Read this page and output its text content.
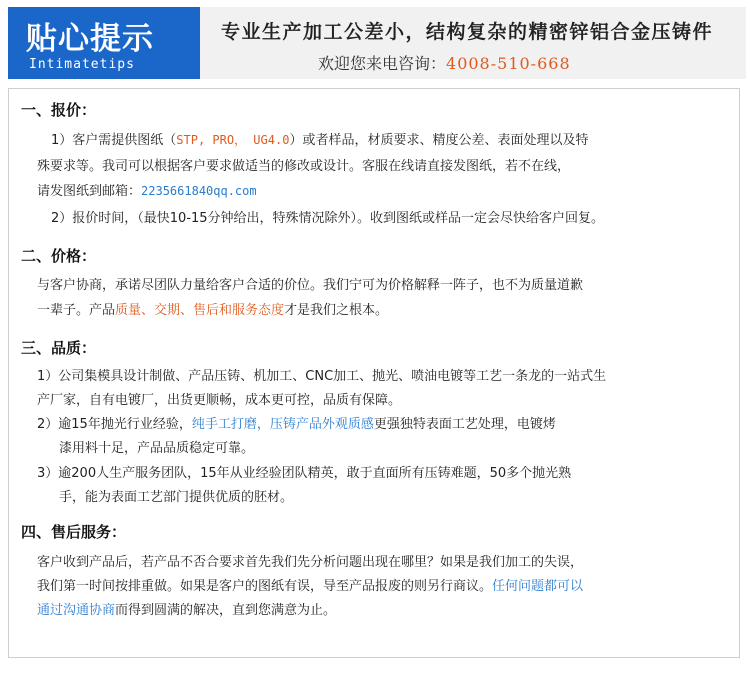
贴心提示
Intimatetips
专业生产加工公差小，结构复杂的精密锌铝合金压铸件
欢迎您来电咨询：4008-510-668
一、报价：
1）客户需提供图纸（STP, PRO， UG4.0）或者样品，材质要求、精度公差、表面处理以及特
殊要求等。我司可以根据客户要求做适当的修改或设计。客服在线请直接发图纸，若不在线，
请发图纸到邮箱：2235661840qq.com
2）报价时间，（最快10-15分钟给出，特殊情况除外）。收到图纸或样品一定会尽快给客户回复。
二、价格：
与客户协商，承诺尽团队力量给客户合适的价位。我们宁可为价格解释一阵子，也不为质量道歉
一辈子。产品质量、交期、售后和服务态度才是我们之根本。
三、品质：
1）公司集模具设计制做、产品压铸、机加工、CNC加工、抛光、喷油电镀等工艺一条龙的一站式生
产厂家，自有电镀厂，出货更顺畅，成本更可控，品质有保障。
2）逾15年抛光行业经验，纯手工打磨，压铸产品外观质感更强独特表面工艺处理，电镀烤
漆用料十足，产品品质稳定可靠。
3）逾200人生产服务团队，15年从业经验团队精英，敢于直面所有压铸难题，50多个抛光熟
手，能为表面工艺部门提供优质的胚材。
四、售后服务：
客户收到产品后，若产品不否合要求首先我们先分析问题出现在哪里？如果是我们加工的失误，
我们第一时间按排重做。如果是客户的图纸有误，导至产品报废的则另行商议。任何问题都可以
通过沟通协商而得到圆满的解决，直到您满意为止。
